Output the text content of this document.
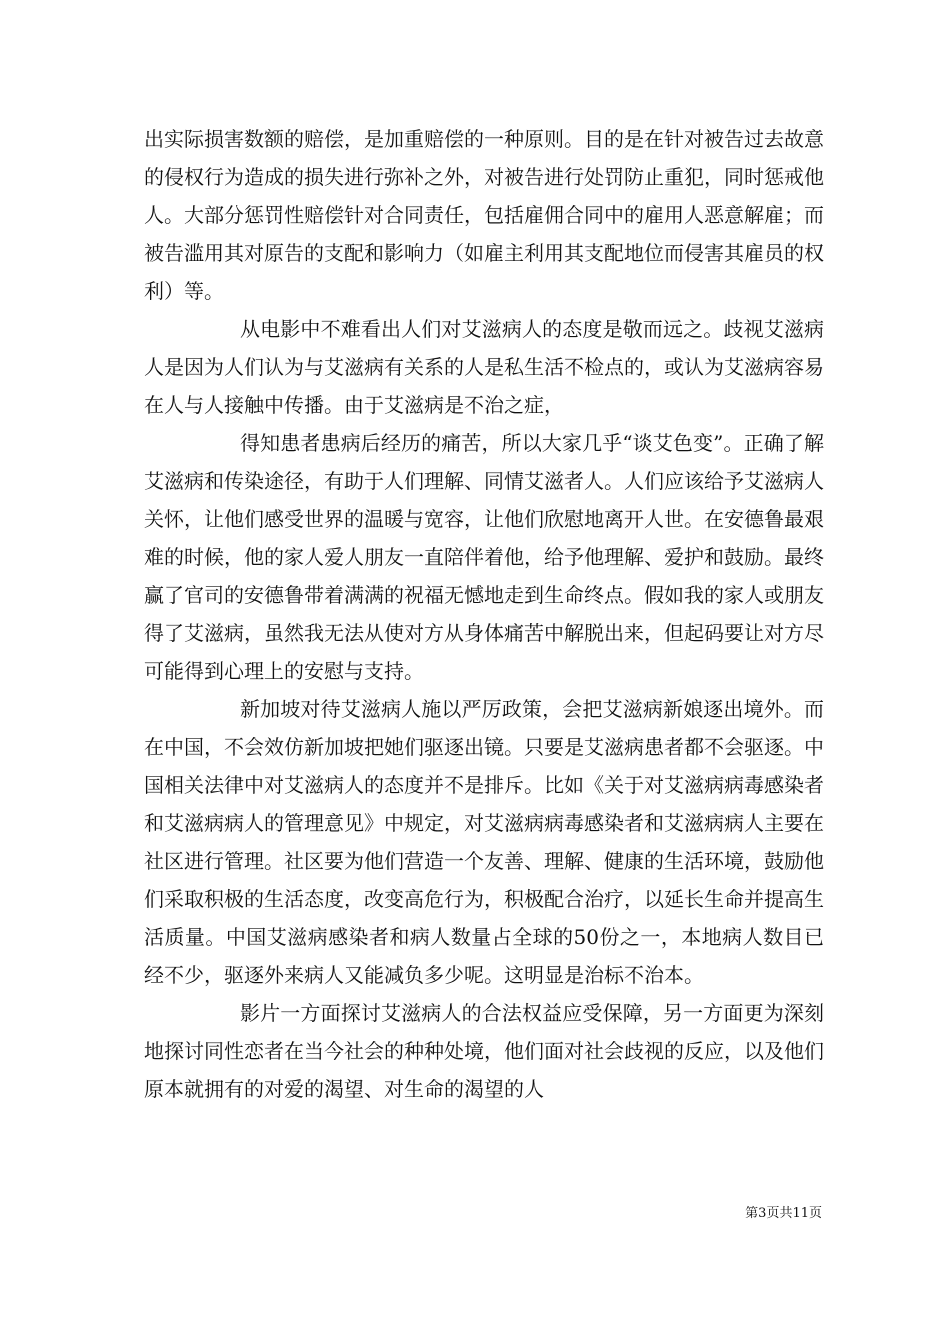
出实际损害数额的赔偿，是加重赔偿的一种原则。目的是在针对被告过去故意的侵权行为造成的损失进行弥补之外，对被告进行处罚防止重犯，同时惩戒他人。大部分惩罚性赔偿针对合同责任，包括雇佣合同中的雇用人恶意解雇；而被告滥用其对原告的支配和影响力（如雇主利用其支配地位而侵害其雇员的权利）等。

从电影中不难看出人们对艾滋病人的态度是敬而远之。歧视艾滋病人是因为人们认为与艾滋病有关系的人是私生活不检点的，或认为艾滋病容易在人与人接触中传播。由于艾滋病是不治之症，

得知患者患病后经历的痛苦，所以大家几乎“谈艾色变”。正确了解艾滋病和传染途径，有助于人们理解、同情艾滋者人。人们应该给予艾滋病人关怀，让他们感受世界的温暖与宽容，让他们欣慰地离开人世。在安德鲁最艰难的时候，他的家人爱人朋友一直陪伴着他，给予他理解、爱护和鼓励。最终赢了官司的安德鲁带着满满的祝福无憾地走到生命终点。假如我的家人或朋友得了艾滋病，虽然我无法从使对方从身体痛苦中解脱出来，但起码要让对方尽可能得到心理上的安慰与支持。

新加坡对待艾滋病人施以严厉政策，会把艾滋病新娘逐出境外。而在中国，不会效仿新加坡把她们驱逐出镜。只要是艾滋病患者都不会驱逐。中国相关法律中对艾滋病人的态度并不是排斥。比如《关于对艾滋病病毒感染者和艾滋病病人的管理意见》中规定，对艾滋病病毒感染者和艾滋病病人主要在社区进行管理。社区要为他们营造一个友善、理解、健康的生活环境，鼓励他们采取积极的生活态度，改变高危行为，积极配合治疗，以延长生命并提高生活质量。中国艾滋病感染者和病人数量占全球的50份之一，本地病人数目已经不少，驱逐外来病人又能减负多少呢。这明显是治标不治本。

影片一方面探讨艾滋病人的合法权益应受保障，另一方面更为深刻地探讨同性恋者在当今社会的种种处境，他们面对社会歧视的反应，以及他们原本就拥有的对爱的渴望、对生命的渴望的人

第3页共11页
